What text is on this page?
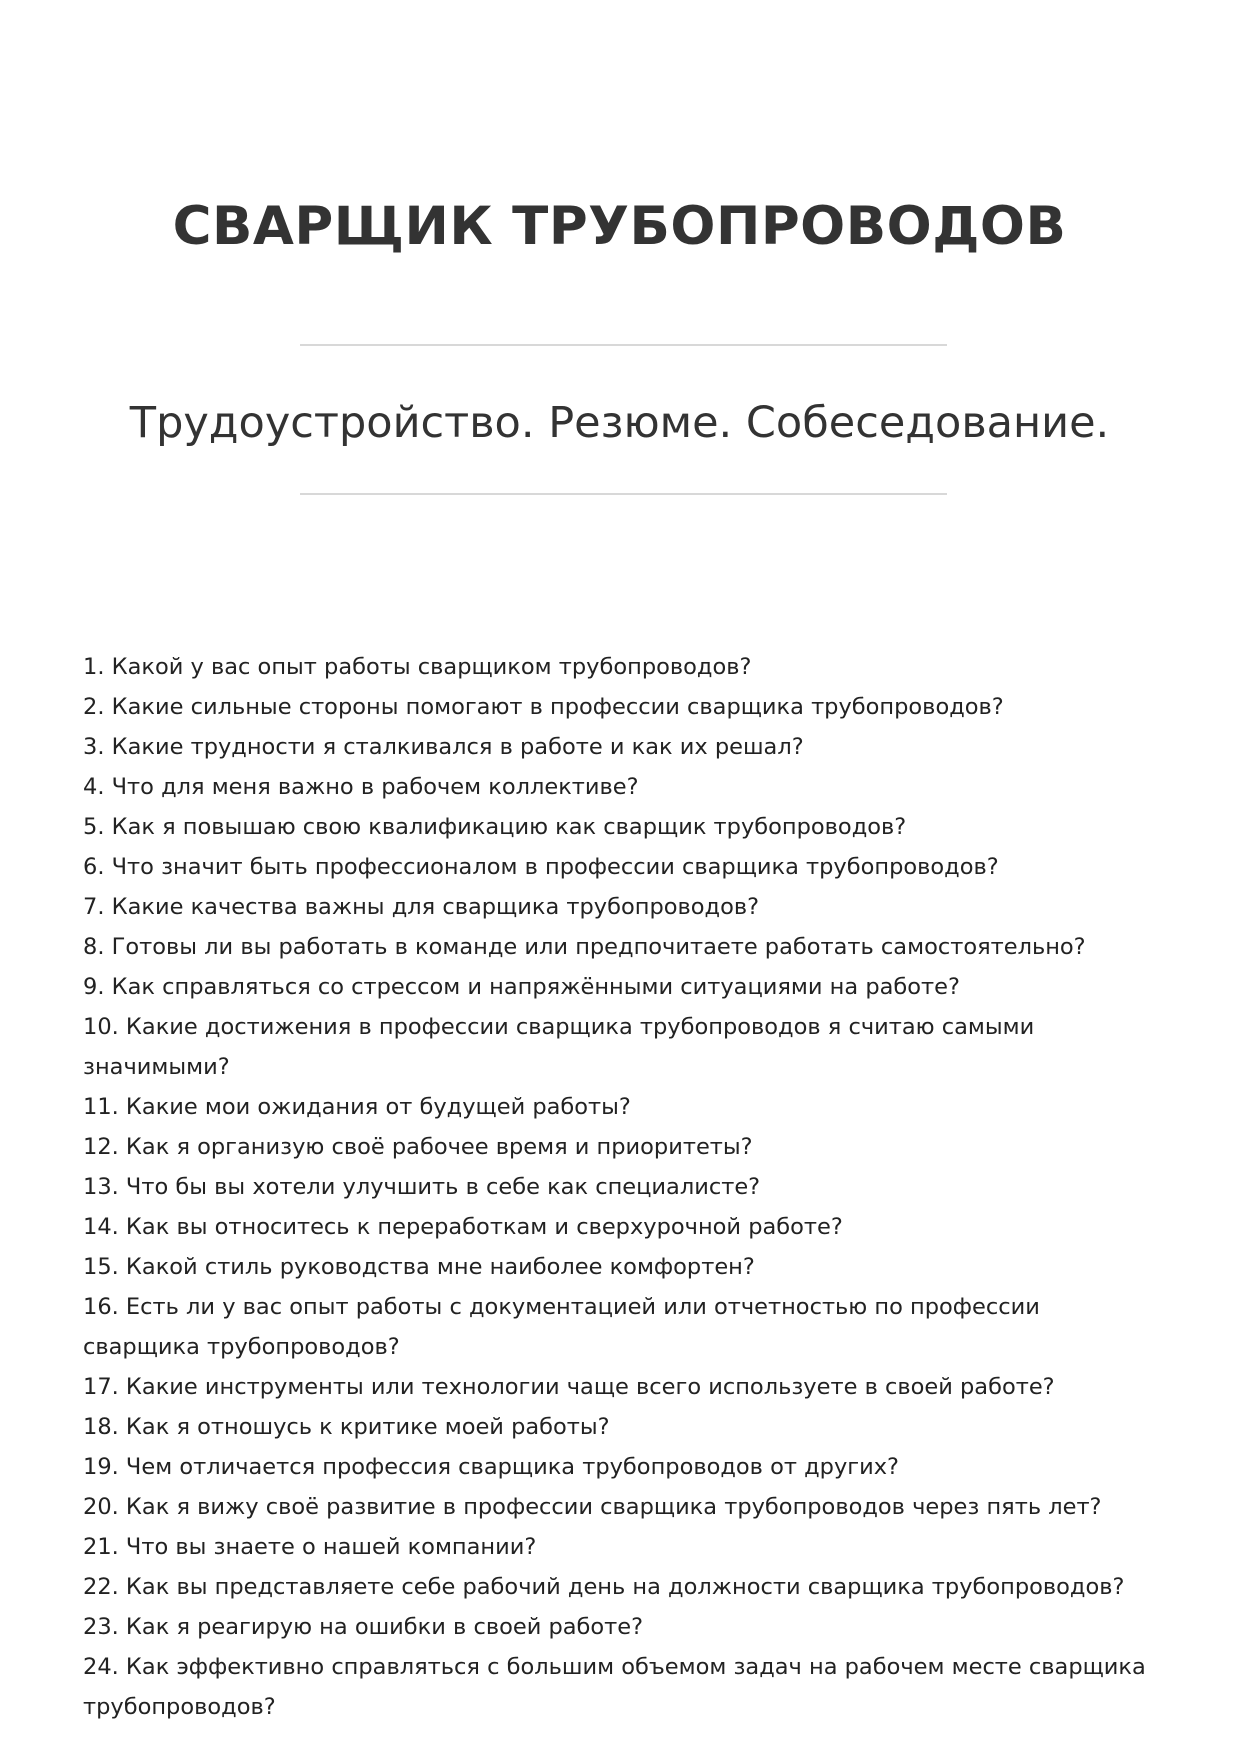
СВАРЩИК ТРУБОПРОВОДОВ
Трудоустройство. Резюме. Собеседование.
1. Какой у вас опыт работы сварщиком трубопроводов?
2. Какие сильные стороны помогают в профессии сварщика трубопроводов?
3. Какие трудности я сталкивался в работе и как их решал?
4. Что для меня важно в рабочем коллективе?
5. Как я повышаю свою квалификацию как сварщик трубопроводов?
6. Что значит быть профессионалом в профессии сварщика трубопроводов?
7. Какие качества важны для сварщика трубопроводов?
8. Готовы ли вы работать в команде или предпочитаете работать самостоятельно?
9. Как справляться со стрессом и напряжёнными ситуациями на работе?
10. Какие достижения в профессии сварщика трубопроводов я считаю самыми значимыми?
11. Какие мои ожидания от будущей работы?
12. Как я организую своё рабочее время и приоритеты?
13. Что бы вы хотели улучшить в себе как специалисте?
14. Как вы относитесь к переработкам и сверхурочной работе?
15. Какой стиль руководства мне наиболее комфортен?
16. Есть ли у вас опыт работы с документацией или отчетностью по профессии сварщика трубопроводов?
17. Какие инструменты или технологии чаще всего используете в своей работе?
18. Как я отношусь к критике моей работы?
19. Чем отличается профессия сварщика трубопроводов от других?
20. Как я вижу своё развитие в профессии сварщика трубопроводов через пять лет?
21. Что вы знаете о нашей компании?
22. Как вы представляете себе рабочий день на должности сварщика трубопроводов?
23. Как я реагирую на ошибки в своей работе?
24. Как эффективно справляться с большим объемом задач на рабочем месте сварщика трубопроводов?
